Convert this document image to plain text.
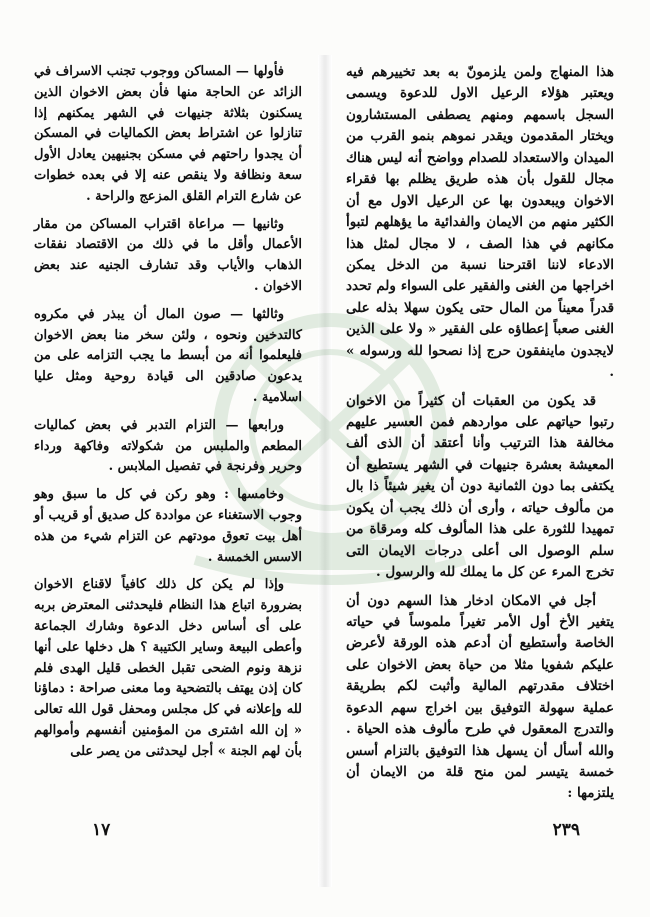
هذا المنهاج ولمن يلزمونّ به بعد تخييرهم فيه ويعتبر هؤلاء الرعيل الاول للدعوة ويسمى السجل باسمهم ومنهم يصطفى المستشارون ويختار المقدمون ويقدر نموهم بنمو القرب من الميدان والاستعداد للصدام وواضح أنه ليس هناك مجال للقول بأن هذه طريق يظلم بها فقراء الاخوان ويبعدون بها عن الرعيل الاول مع أن الكثير منهم من الايمان والفدائية ما يؤهلهم لتبوأ مكانهم في هذا الصف ، لا مجال لمثل هذا الادعاء لاننا اقترحنا نسبة من الدخل يمكن اخراجها من الغنى والفقير على السواء ولم تحدد قدراً معيناً من المال حتى يكون سهلا بذله على الغنى صعباً إعطاؤه على الفقير « ولا على الذين لايجدون ماينفقون حرج إذا نصحوا لله ورسوله » .

قد يكون من العقبات أن كثيراً من الاخوان رتبوا حياتهم على مواردهم فمن العسير عليهم مخالفة هذا الترتيب وأنا أعتقد أن الذى ألف المعيشة بعشرة جنيهات في الشهر يستطيع أن يكتفى بما دون الثمانية دون أن يغير شيئاً ذا بال من مألوف حياته ، وأرى أن ذلك يجب أن يكون تمهيدا للثورة على هذا المألوف كله ومرقاة من سلم الوصول الى أعلى درجات الايمان التى تخرج المرء عن كل ما يملك لله والرسول .

أجل في الامكان ادخار هذا السهم دون أن يتغير الأخ أول الأمر تغيراً ملموساً في حياته الخاصة وأستطيع أن أدعم هذه الورقة لأعرض عليكم شفويا مثلا من حياة بعض الاخوان على اختلاف مقدرتهم المالية وأثبت لكم بطريقة عملية سهولة التوفيق بين اخراج سهم الدعوة والتدرج المعقول في طرح مألوف هذه الحياة . والله أسأل أن يسهل هذا التوفيق بالتزام أسس خمسة يتيسر لمن منح قلة من الايمان أن يلتزمها :

فأولها — المساكن ووجوب تجنب الاسراف في الزائد عن الحاجة منها فأن بعض الاخوان الذين يسكنون بثلاثة جنيهات في الشهر يمكنهم إذا تنازلوا عن اشتراط بعض الكماليات في المسكن أن يجدوا راحتهم في مسكن بجنيهين يعادل الأول سعة ونظافة ولا ينقص عنه إلا في بعده خطوات عن شارع الترام القلق المزعج والراحة .

وثانيها — مراعاة اقتراب المساكن من مقار الأعمال وأقل ما في ذلك من الاقتصاد نفقات الذهاب والأياب وقد تشارف الجنيه عند بعض الاخوان .

وثالثها — صون المال أن يبذر في مكروه كالتدخين ونحوه ، ولئن سخر منا بعض الاخوان فليعلموا أنه من أبسط ما يجب التزامه على من يدعون صادقين الى قيادة روحية ومثل عليا اسلامية .

ورابعها — التزام التدبر في بعض كماليات المطعم والملبس من شكولاته وفاكهة ورداء وحرير وفرنجة في تفصيل الملابس .

وخامسها : وهو ركن في كل ما سبق وهو وجوب الاستغناء عن مواددة كل صديق أو قريب أو أهل بيت تعوق مودتهم عن التزام شيء من هذه الاسس الخمسة .

وإذا لم يكن كل ذلك كافياً لاقناع الاخوان بضرورة اتباع هذا النظام فليحدثنى المعترض بربه على أى أساس دخل الدعوة وشارك الجماعة وأعطى البيعة وساير الكتيبة ؟ هل دخلها على أنها نزهة ونوم الضحى تقبل الخطى قليل الهدى فلم كان إذن يهتف بالتضحية وما معنى صراحة : دماؤنا لله وإعلانه في كل مجلس ومحفل قول الله تعالى « إن الله اشترى من المؤمنين أنفسهم وأموالهم بأن لهم الجنة » أجل ليحدثنى من يصر على

٢٣٩
١٧
